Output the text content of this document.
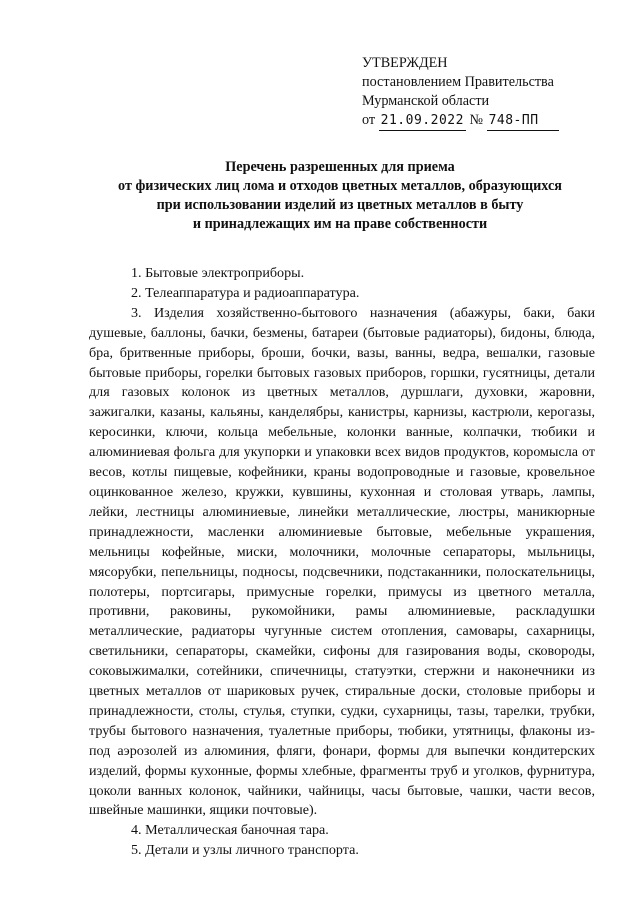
УТВЕРЖДЕН
постановлением Правительства
Мурманской области
от 21.09.2022 № 748-ПП
Перечень разрешенных для приема
от физических лиц лома и отходов цветных металлов, образующихся
при использовании изделий из цветных металлов в быту
и принадлежащих им на праве собственности

1. Бытовые электроприборы.

2. Телеаппаратура и радиоаппаратура.

3. Изделия хозяйственно-бытового назначения (абажуры, баки, баки душевые, баллоны, бачки, безмены, батареи (бытовые радиаторы), бидоны, блюда, бра, бритвенные приборы, броши, бочки, вазы, ванны, ведра, вешалки, газовые бытовые приборы, горелки бытовых газовых приборов, горшки, гусятницы, детали для газовых колонок из цветных металлов, дуршлаги, духовки, жаровни, зажигалки, казаны, кальяны, канделябры, канистры, карнизы, кастрюли, керогазы, керосинки, ключи, кольца мебельные, колонки ванные, колпачки, тюбики и алюминиевая фольга для укупорки и упаковки всех видов продуктов, коромысла от весов, котлы пищевые, кофейники, краны водопроводные и газовые, кровельное оцинкованное железо, кружки, кувшины, кухонная и столовая утварь, лампы, лейки, лестницы алюминиевые, линейки металлические, люстры, маникюрные принадлежности, масленки алюминиевые бытовые, мебельные украшения, мельницы кофейные, миски, молочники, молочные сепараторы, мыльницы, мясорубки, пепельницы, подносы, подсвечники, подстаканники, полоскательницы, полотеры, портсигары, примусные горелки, примусы из цветного металла, противни, раковины, рукомойники, рамы алюминиевые, раскладушки металлические, радиаторы чугунные систем отопления, самовары, сахарницы, светильники, сепараторы, скамейки, сифоны для газирования воды, сковороды, соковыжималки, сотейники, спичечницы, статуэтки, стержни и наконечники из цветных металлов от шариковых ручек, стиральные доски, столовые приборы и принадлежности, столы, стулья, ступки, судки, сухарницы, тазы, тарелки, трубки, трубы бытового назначения, туалетные приборы, тюбики, утятницы, флаконы из-под аэрозолей из алюминия, фляги, фонари, формы для выпечки кондитерских изделий, формы кухонные, формы хлебные, фрагменты труб и уголков, фурнитура, цоколи ванных колонок, чайники, чайницы, часы бытовые, чашки, части весов, швейные машинки, ящики почтовые).

4. Металлическая баночная тара.

5. Детали и узлы личного транспорта.
